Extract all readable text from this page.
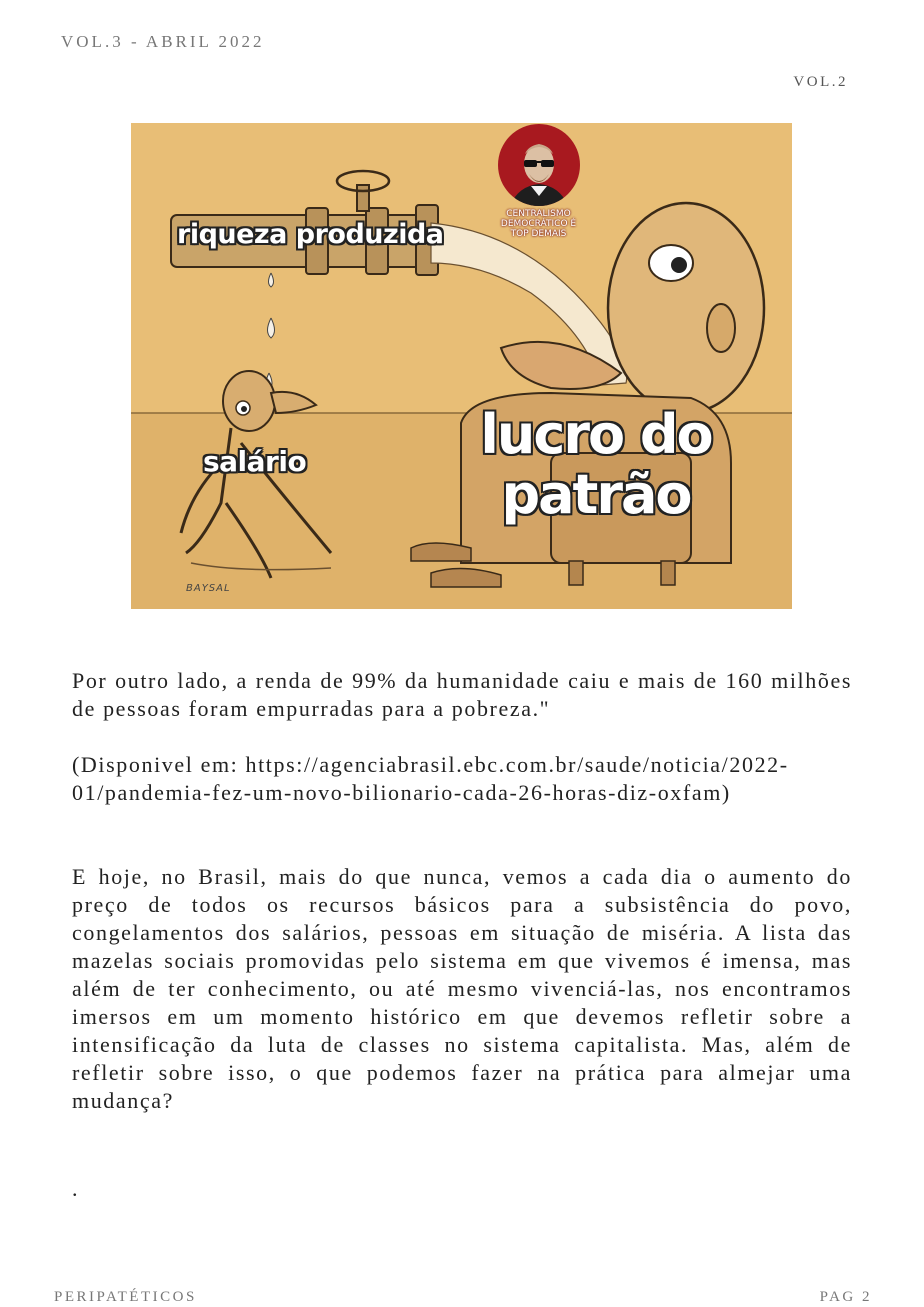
VOL.3 - ABRIL 2022
VOL.2
riqueza produzida
salário	lucro do
patrão
CENTRALISMO DEMOCRÁTICO É TOP DEMAIS
BAYSAL

Por outro lado, a renda de 99% da humanidade caiu e mais de 160 milhões de pessoas foram empurradas para a pobreza."

(Disponivel em: https://agenciabrasil.ebc.com.br/saude/noticia/2022-01/pandemia-fez-um-novo-bilionario-cada-26-horas-diz-oxfam)

E hoje, no Brasil, mais do que nunca, vemos a cada dia o aumento do preço de todos os recursos básicos para a subsistência do povo, congelamentos dos salários, pessoas em situação de miséria. A lista das mazelas sociais promovidas pelo sistema em que vivemos é imensa, mas além de ter conhecimento, ou até mesmo vivenciá-las, nos encontramos imersos em um momento histórico em que devemos refletir sobre a intensificação da luta de classes no sistema capitalista. Mas, além de refletir sobre isso, o que podemos fazer na prática para almejar uma mudança?

.

PERIPATÉTICOS	PAG 2
